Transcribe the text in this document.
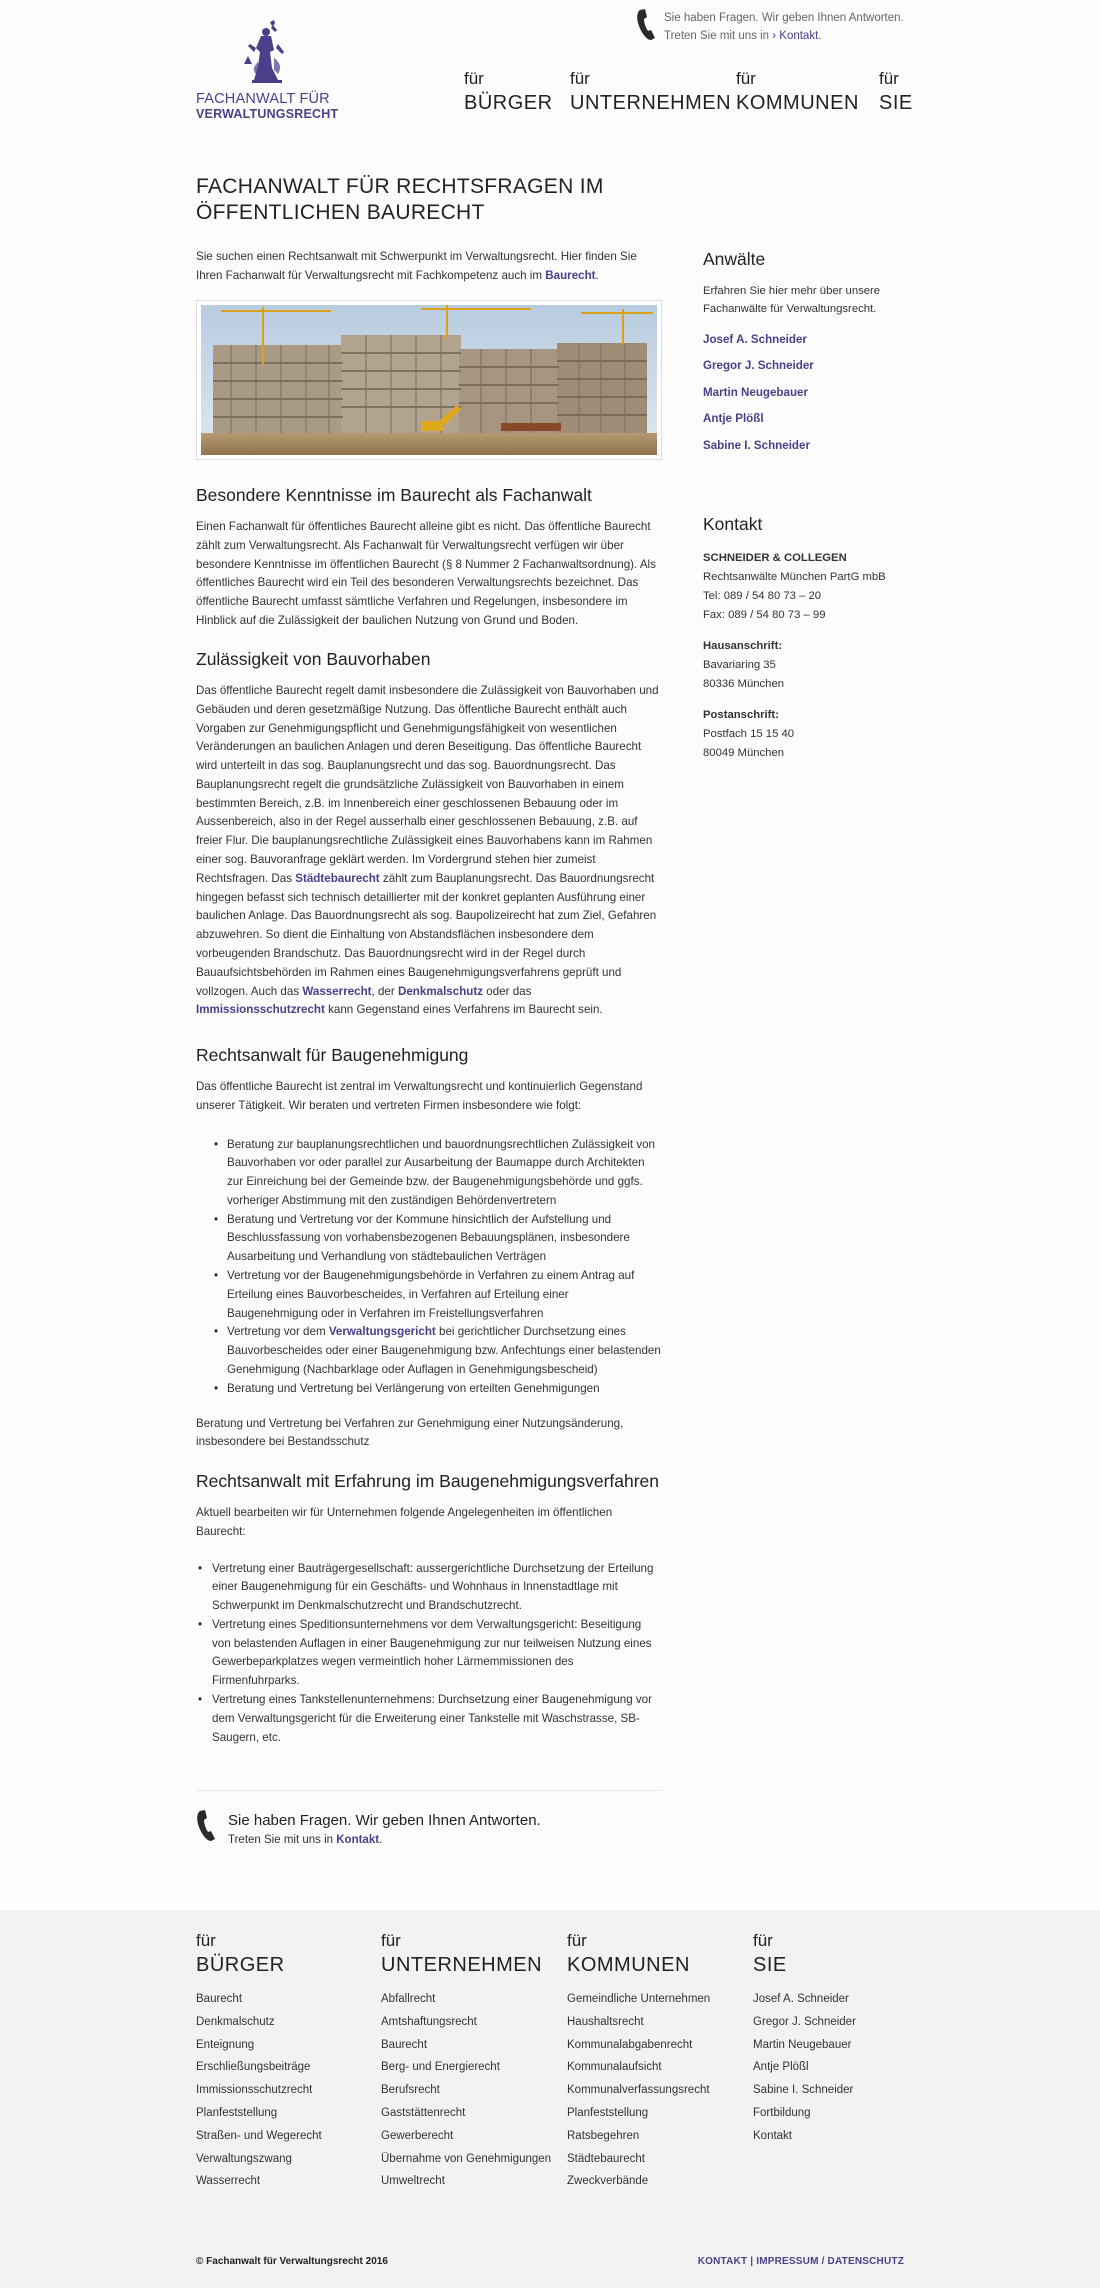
Sie haben Fragen. Wir geben Ihnen Antworten.
Treten Sie mit uns in › Kontakt.
FACHANWALT FÜR
VERWALTUNGSRECHT
für
BÜRGER
für
UNTERNEHMEN
für
KOMMUNEN
für
SIE
FACHANWALT FÜR RECHTSFRAGEN IM
ÖFFENTLICHEN BAURECHT

Sie suchen einen Rechtsanwalt mit Schwerpunkt im Verwaltungsrecht. Hier finden Sie Ihren Fachanwalt für Verwaltungsrecht mit Fachkompetenz auch im Baurecht.

Besondere Kenntnisse im Baurecht als Fachanwalt

Einen Fachanwalt für öffentliches Baurecht alleine gibt es nicht. Das öffentliche Baurecht zählt zum Verwaltungsrecht. Als Fachanwalt für Verwaltungsrecht verfügen wir über besondere Kenntnisse im öffentlichen Baurecht (§ 8 Nummer 2 Fachanwaltsordnung). Als öffentliches Baurecht wird ein Teil des besonderen Verwaltungsrechts bezeichnet. Das öffentliche Baurecht umfasst sämtliche Verfahren und Regelungen, insbesondere im Hinblick auf die Zulässigkeit der baulichen Nutzung von Grund und Boden.

Zulässigkeit von Bauvorhaben

Das öffentliche Baurecht regelt damit insbesondere die Zulässigkeit von Bauvorhaben und Gebäuden und deren gesetzmäßige Nutzung. Das öffentliche Baurecht enthält auch Vorgaben zur Genehmigungspflicht und Genehmigungsfähigkeit von wesentlichen Veränderungen an baulichen Anlagen und deren Beseitigung. Das öffentliche Baurecht wird unterteilt in das sog. Bauplanungsrecht und das sog. Bauordnungsrecht. Das Bauplanungsrecht regelt die grundsätzliche Zulässigkeit von Bauvorhaben in einem bestimmten Bereich, z.B. im Innenbereich einer geschlossenen Bebauung oder im Aussenbereich, also in der Regel ausserhalb einer geschlossenen Bebauung, z.B. auf freier Flur. Die bauplanungsrechtliche Zulässigkeit eines Bauvorhabens kann im Rahmen einer sog. Bauvoranfrage geklärt werden. Im Vordergrund stehen hier zumeist Rechtsfragen. Das Städtebaurecht zählt zum Bauplanungsrecht. Das Bauordnungsrecht hingegen befasst sich technisch detaillierter mit der konkret geplanten Ausführung einer baulichen Anlage. Das Bauordnungsrecht als sog. Baupolizeirecht hat zum Ziel, Gefahren abzuwehren. So dient die Einhaltung von Abstandsflächen insbesondere dem vorbeugenden Brandschutz. Das Bauordnungsrecht wird in der Regel durch Bauaufsichtsbehörden im Rahmen eines Baugenehmigungsverfahrens geprüft und vollzogen. Auch das Wasserrecht, der Denkmalschutz oder das Immissionsschutzrecht kann Gegenstand eines Verfahrens im Baurecht sein.

Rechtsanwalt für Baugenehmigung

Das öffentliche Baurecht ist zentral im Verwaltungsrecht und kontinuierlich Gegenstand unserer Tätigkeit. Wir beraten und vertreten Firmen insbesondere wie folgt:

• Beratung zur bauplanungsrechtlichen und bauordnungsrechtlichen Zulässigkeit von Bauvorhaben vor oder parallel zur Ausarbeitung der Baumappe durch Architekten zur Einreichung bei der Gemeinde bzw. der Baugenehmigungsbehörde und ggfs. vorheriger Abstimmung mit den zuständigen Behördenvertretern
• Beratung und Vertretung vor der Kommune hinsichtlich der Aufstellung und Beschlussfassung von vorhabensbezogenen Bebauungsplänen, insbesondere Ausarbeitung und Verhandlung von städtebaulichen Verträgen
• Vertretung vor der Baugenehmigungsbehörde in Verfahren zu einem Antrag auf Erteilung eines Bauvorbescheides, in Verfahren auf Erteilung einer Baugenehmigung oder in Verfahren im Freistellungsverfahren
• Vertretung vor dem Verwaltungsgericht bei gerichtlicher Durchsetzung eines Bauvorbescheides oder einer Baugenehmigung bzw. Anfechtungs einer belastenden Genehmigung (Nachbarklage oder Auflagen in Genehmigungsbescheid)
• Beratung und Vertretung bei Verlängerung von erteilten Genehmigungen

Beratung und Vertretung bei Verfahren zur Genehmigung einer Nutzungsänderung, insbesondere bei Bestandsschutz

Rechtsanwalt mit Erfahrung im Baugenehmigungsverfahren

Aktuell bearbeiten wir für Unternehmen folgende Angelegenheiten im öffentlichen Baurecht:

• Vertretung einer Bauträgergesellschaft: aussergerichtliche Durchsetzung der Erteilung einer Baugenehmigung für ein Geschäfts- und Wohnhaus in Innenstadtlage mit Schwerpunkt im Denkmalschutzrecht und Brandschutzrecht.
• Vertretung eines Speditionsunternehmens vor dem Verwaltungsgericht: Beseitigung von belastenden Auflagen in einer Baugenehmigung zur nur teilweisen Nutzung eines Gewerbeparkplatzes wegen vermeintlich hoher Lärmemmissionen des Firmenfuhrparks.
• Vertretung eines Tankstellenunternehmens: Durchsetzung einer Baugenehmigung vor dem Verwaltungsgericht für die Erweiterung einer Tankstelle mit Waschstrasse, SB-Saugern, etc.
Sie haben Fragen. Wir geben Ihnen Antworten.
Treten Sie mit uns in Kontakt.
Anwälte

Erfahren Sie hier mehr über unsere Fachanwälte für Verwaltungsrecht.

Josef A. Schneider
Gregor J. Schneider
Martin Neugebauer
Antje Plößl
Sabine I. Schneider
Kontakt
SCHNEIDER & COLLEGEN
Rechtsanwälte München PartG mbB
Tel: 089 / 54 80 73 – 20
Fax: 089 / 54 80 73 – 99
Hausanschrift:
Bavariaring 35
80336 München
Postanschrift:
Postfach 15 15 40
80049 München
für
BÜRGER
Baurecht
Denkmalschutz
Enteignung
Erschließungsbeiträge
Immissionsschutzrecht
Planfeststellung
Straßen- und Wegerecht
Verwaltungszwang
Wasserrecht
für
UNTERNEHMEN
Abfallrecht
Amtshaftungsrecht
Baurecht
Berg- und Energierecht
Berufsrecht
Gaststättenrecht
Gewerberecht
Übernahme von Genehmigungen
Umweltrecht
für
KOMMUNEN
Gemeindliche Unternehmen
Haushaltsrecht
Kommunalabgabenrecht
Kommunalaufsicht
Kommunalverfassungsrecht
Planfeststellung
Ratsbegehren
Städtebaurecht
Zweckverbände
für
SIE
Josef A. Schneider
Gregor J. Schneider
Martin Neugebauer
Antje Plößl
Sabine I. Schneider
Fortbildung
Kontakt
© Fachanwalt für Verwaltungsrecht 2016	KONTAKT | IMPRESSUM / DATENSCHUTZ
